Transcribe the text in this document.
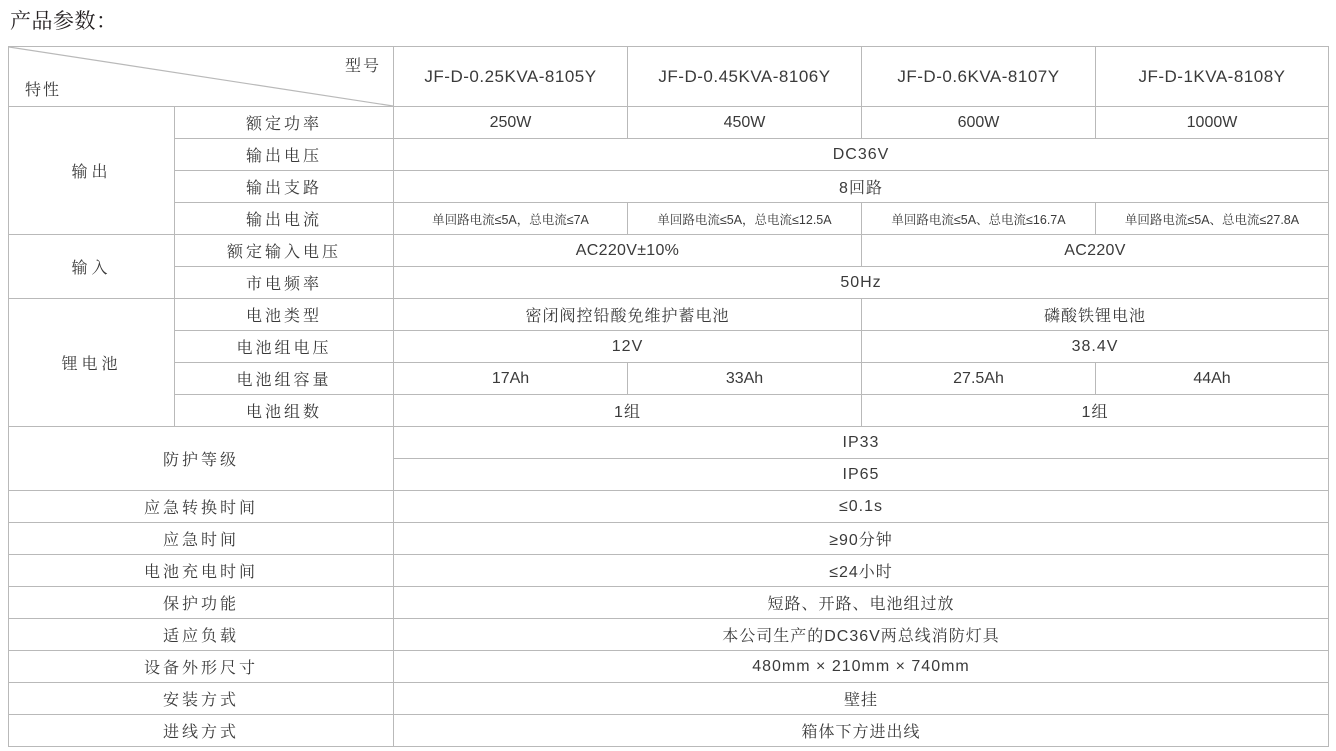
产品参数：
型号
特性		JF-D-0.25KVA-8105Y	JF-D-0.45KVA-8106Y	JF-D-0.6KVA-8107Y	JF-D-1KVA-8108Y
输出	额定功率	250W	450W	600W	1000W
	输出电压	DC36V			
	输出支路	8回路			
	输出电流	单回路电流≤5A，总电流≤7A	单回路电流≤5A，总电流≤12.5A	单回路电流≤5A、总电流≤16.7A	单回路电流≤5A、总电流≤27.8A
输入	额定输入电压	AC220V±10%		AC220V	
	市电频率	50Hz			
锂电池	电池类型	密闭阀控铅酸免维护蓄电池		磷酸铁锂电池	
	电池组电压	12V		38.4V	
	电池组容量	17Ah	33Ah	27.5Ah	44Ah
	电池组数	1组		1组	
防护等级		IP33			
		IP65			
应急转换时间		≤0.1s			
应急时间		≥90分钟			
电池充电时间		≤24小时			
保护功能		短路、开路、电池组过放			
适应负载		本公司生产的DC36V两总线消防灯具			
设备外形尺寸		480mm × 210mm × 740mm			
安装方式		壁挂			
进线方式		箱体下方进出线			
